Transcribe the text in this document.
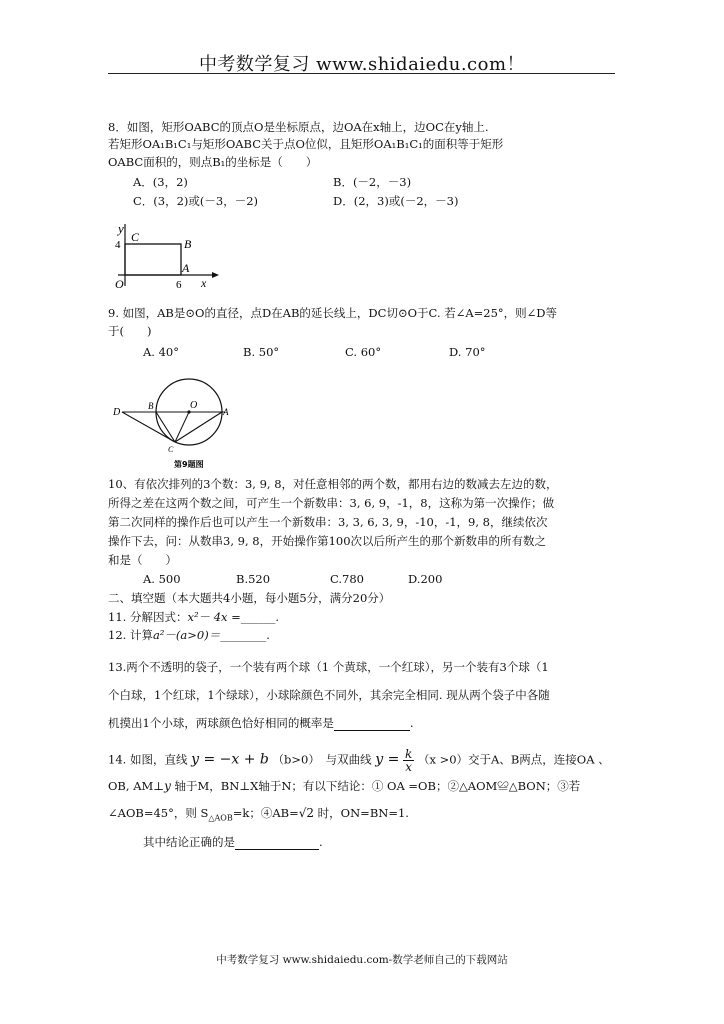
中考数学复习 www.shidaiedu.com！
8．如图，矩形OABC的顶点O是坐标原点，边OA在x轴上，边OC在y轴上.
若矩形OA₁B₁C₁与矩形OABC关于点O位似，且矩形OA₁B₁C₁的面积等于矩形
OABC面积的，则点B₁的坐标是（　　）
A．(3，2)	B．(－2，－3)
C．(3，2)或(－3，－2)	D．(2，3)或(－2，－3)
y
C
4	B
O
A
6 x
9. 如图，AB是⊙O的直径，点D在AB的延长线上，DC切⊙O于C. 若∠A=25°，则∠D等
于(　　)
A. 40°	B. 50°	C. 60°	D. 70°
D
B	O
A
C
第9题图
10、有依次排列的3个数：3, 9, 8，对任意相邻的两个数，都用右边的数减去左边的数，
所得之差在这两个数之间，可产生一个新数串：3, 6, 9，-1，8，这称为第一次操作；做
第二次同样的操作后也可以产生一个新数串：3, 3, 6, 3, 9，-10，-1，9, 8，继续依次
操作下去，问：从数串3, 9, 8，开始操作第100次以后所产生的那个新数串的所有数之
和是（　　）
A. 500	B.520	C.780	D.200
二、填空题（本大题共4小题，每小题5分，满分20分）
11. 分解因式：x²－ 4x =______.
12. 计算a²－(a>0)＝________.
13.两个不透明的袋子，一个装有两个球（1 个黄球，一个红球），另一个装有3个球（1
个白球，1个红球，1个绿球），小球除颜色不同外，其余完全相同. 现从两个袋子中各随
机摸出1个小球，两球颜色恰好相同的概率是	.
14. 如图，直线 y = −x + b （b>0）　与双曲线 $y = \frac{k}{x} (x >0)$交于A、B两点，连接OA 、
OB, AM⊥y 轴于M，BN⊥X轴于N；有以下结论：① OA =OB；②△AOM≌△BON；③若
∠AOB=45°，则 $S_{\triangle AOB}=k$；④AB=√2 时，ON=BN=1.
其中结论正确的是	.
中考数学复习 www.shidaiedu.com-数学老师自己的下载网站
